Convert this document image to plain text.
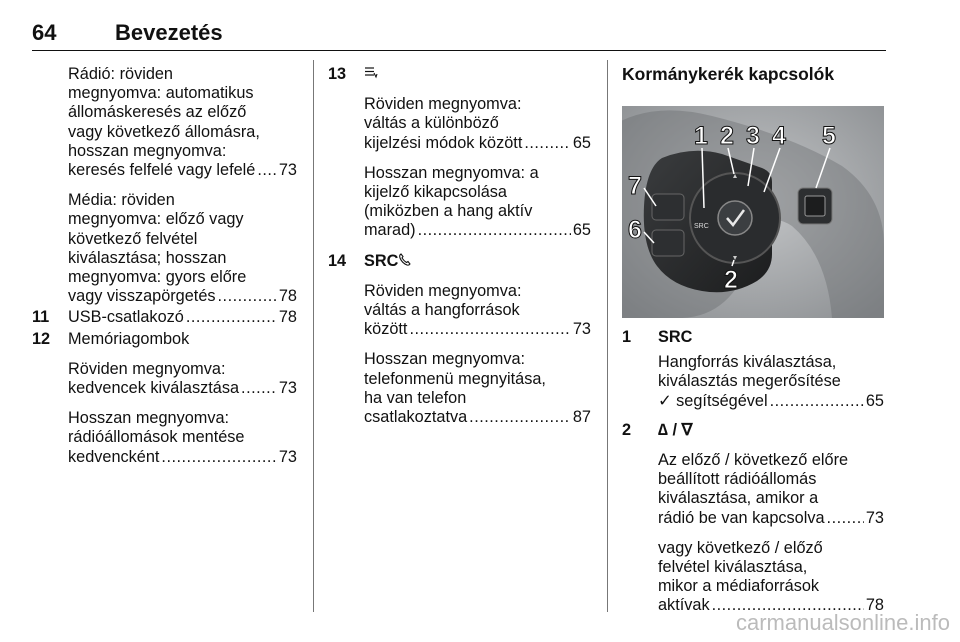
64	Bevezetés

Rádió: röviden

megnyomva: automatikus

állomáskeresés az előző

vagy következő állomásra,

hosszan megnyomva:

keresés felfelé vagy lefelé ..... 73

Média: röviden

megnyomva: előző vagy

következő felvétel

kiválasztása; hosszan

megnyomva: gyors előre

vagy visszapörgetés .....	78
11	USB-csatlakozó .....	78
12	Memóriagombok

Röviden megnyomva:

kedvencek kiválasztása ..... 73

Hosszan megnyomva:

rádióállomások mentése

kedvencként .....	73
13

Röviden megnyomva:

váltás a különböző

kijelzési módok között .....	65

Hosszan megnyomva: a

kijelző kikapcsolása

(miközben a hang aktív

marad) .....	65
14	SRC

Röviden megnyomva:

váltás a hangforrások

között .....	73

Hosszan megnyomva:

telefonmenü megnyitása,

ha van telefon

csatlakoztatva .....	87
Kormánykerék kapcsolók
SRC
1 2 3 4 5
6
7
2
1	SRC

Hangforrás kiválasztása,

kiválasztás megerősítése

✓ segítségével .....	65
2	∆ / ∇

Az előző / következő előre

beállított rádióállomás

kiválasztása, amikor a

rádió be van kapcsolva .....	73

vagy következő / előző

felvétel kiválasztása,

mikor a médiaforrások

aktívak .....	78
carmanualsonline.info
